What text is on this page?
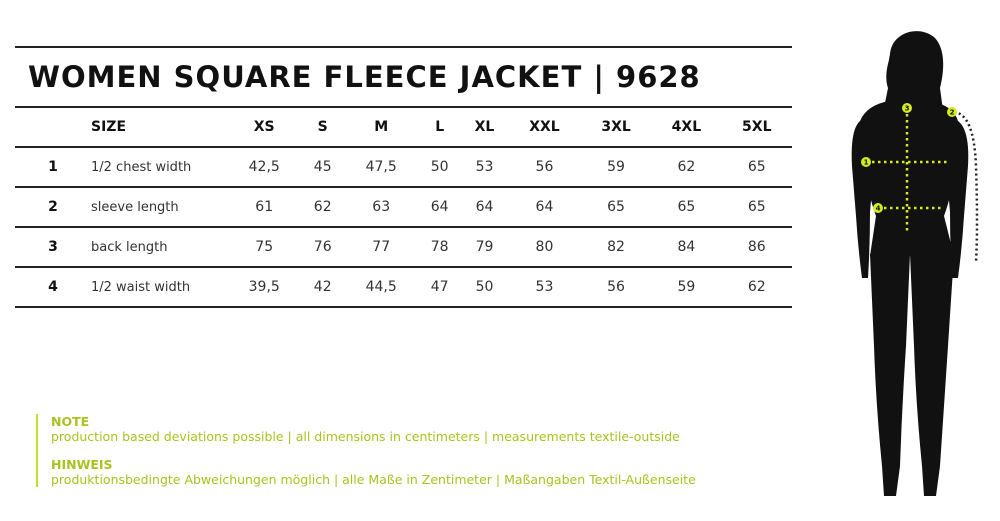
WOMEN SQUARE FLEECE JACKET | 9628
	SIZE	XS	S	M	L	XL	XXL	3XL	4XL	5XL
1	1/2 chest width	42,5	45	47,5	50	53	56	59	62	65
2	sleeve length	61	62	63	64	64	64	65	65	65
3	back length	75	76	77	78	79	80	82	84	86
4	1/2 waist width	39,5	42	44,5	47	50	53	56	59	62
NOTE
production based deviations possible | all dimensions in centimeters | measurements textile-outside
HINWEIS
produktionsbedingte Abweichungen möglich | alle Maße in Zentimeter | Maßangaben Textil-Außenseite
1
2
3
4
